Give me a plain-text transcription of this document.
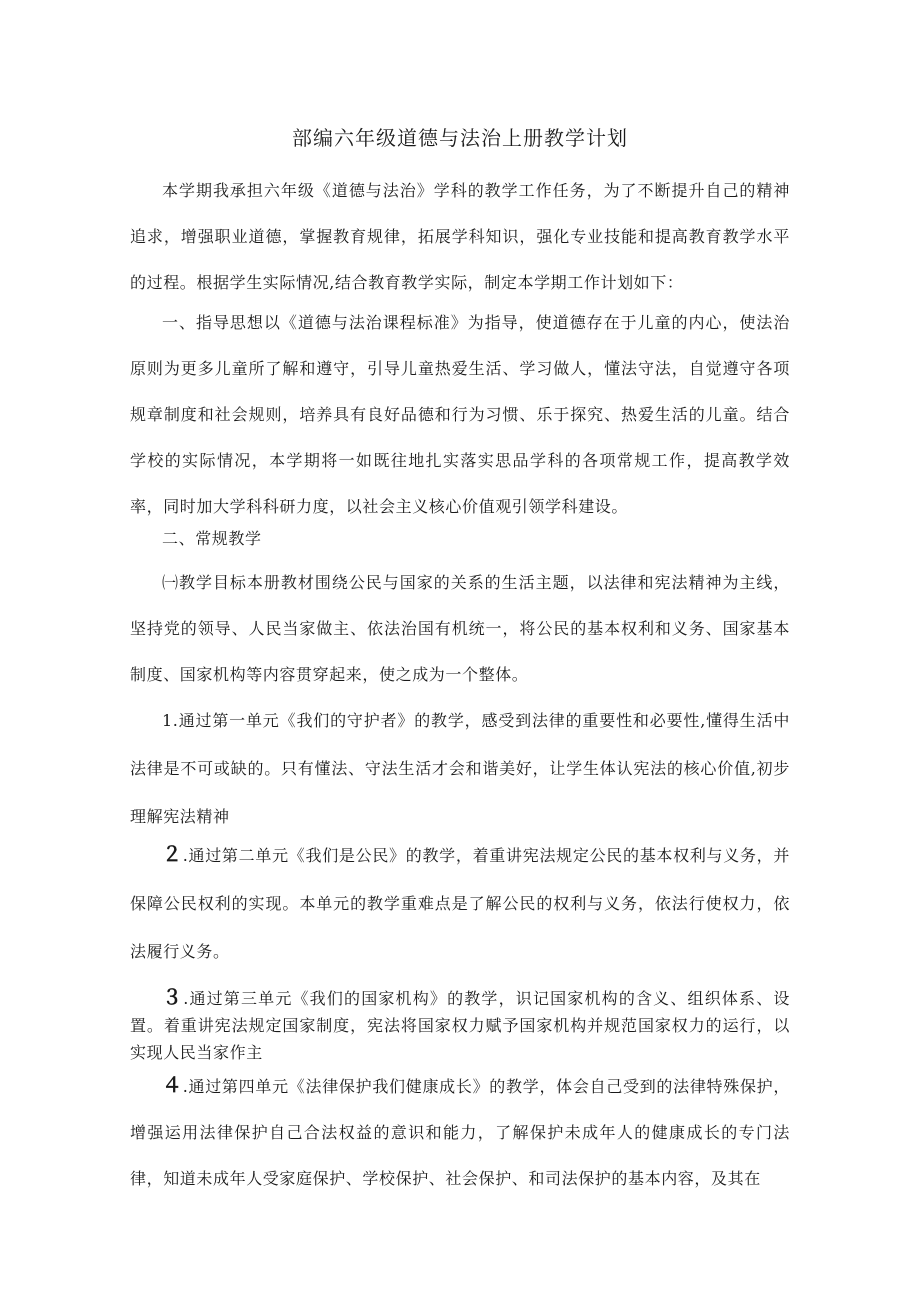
部编六年级道德与法治上册教学计划
本学期我承担六年级《道德与法治》学科的教学工作任务，为了不断提升自己的精神追求，增强职业道德，掌握教育规律，拓展学科知识，强化专业技能和提高教育教学水平的过程。根据学生实际情况,结合教育教学实际，制定本学期工作计划如下：
一、指导思想以《道德与法治课程标准》为指导，使道德存在于儿童的内心，使法治原则为更多儿童所了解和遵守，引导儿童热爱生活、学习做人，懂法守法，自觉遵守各项规章制度和社会规则，培养具有良好品德和行为习惯、乐于探究、热爱生活的儿童。结合学校的实际情况，本学期将一如既往地扎实落实思品学科的各项常规工作，提高教学效率，同时加大学科科研力度，以社会主义核心价值观引领学科建设。
二、常规教学
㈠教学目标本册教材围绕公民与国家的关系的生活主题，以法律和宪法精神为主线，坚持党的领导、人民当家做主、依法治国有机统一，将公民的基本权利和义务、国家基本制度、国家机构等内容贯穿起来，使之成为一个整体。
1.通过第一单元《我们的守护者》的教学，感受到法律的重要性和必要性,懂得生活中法律是不可或缺的。只有懂法、守法生活才会和谐美好，让学生体认宪法的核心价值,初步理解宪法精神
２.通过第二单元《我们是公民》的教学，着重讲宪法规定公民的基本权利与义务，并保障公民权利的实现。本单元的教学重难点是了解公民的权利与义务，依法行使权力，依法履行义务。
３.通过第三单元《我们的国家机构》的教学，识记国家机构的含义、组织体系、设置。着重讲宪法规定国家制度，宪法将国家权力赋予国家机构并规范国家权力的运行，以实现人民当家作主
４.通过第四单元《法律保护我们健康成长》的教学，体会自己受到的法律特殊保护，增强运用法律保护自己合法权益的意识和能力，了解保护未成年人的健康成长的专门法律，知道未成年人受家庭保护、学校保护、社会保护、和司法保护的基本内容，及其在
